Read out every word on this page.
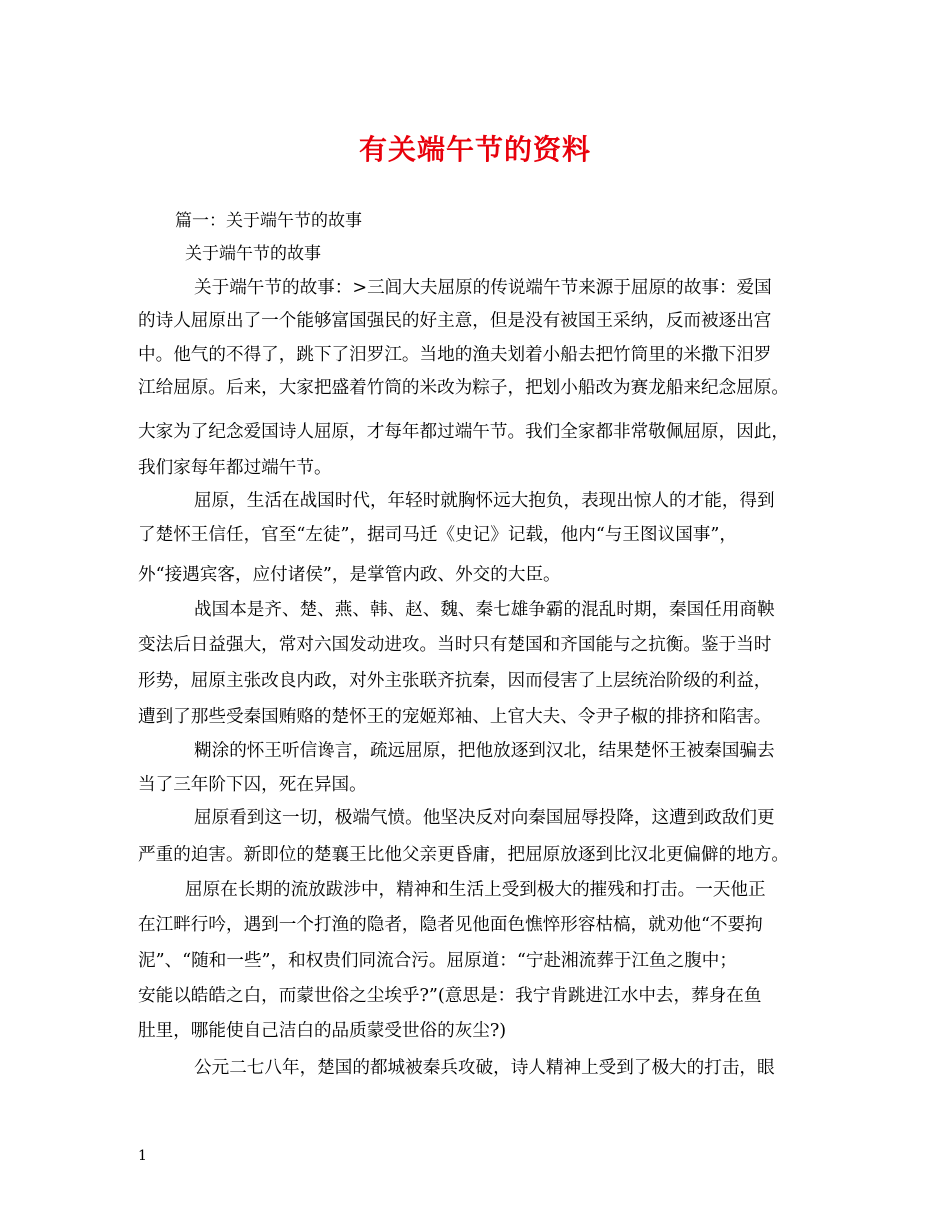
有关端午节的资料
篇一：关于端午节的故事
关于端午节的故事
关于端午节的故事：>三闾大夫屈原的传说端午节来源于屈原的故事：爱国
的诗人屈原出了一个能够富国强民的好主意，但是没有被国王采纳，反而被逐出宫
中。他气的不得了，跳下了汨罗江。当地的渔夫划着小船去把竹筒里的米撒下汨罗
江给屈原。后来，大家把盛着竹筒的米改为粽子，把划小船改为赛龙船来纪念屈原。
大家为了纪念爱国诗人屈原，才每年都过端午节。我们全家都非常敬佩屈原，因此，
我们家每年都过端午节。
屈原，生活在战国时代，年轻时就胸怀远大抱负，表现出惊人的才能，得到
了楚怀王信任，官至“左徒”，据司马迁《史记》记载，他内“与王图议国事”，
外“接遇宾客，应付诸侯”，是掌管内政、外交的大臣。
战国本是齐、楚、燕、韩、赵、魏、秦七雄争霸的混乱时期，秦国任用商鞅
变法后日益强大，常对六国发动进攻。当时只有楚国和齐国能与之抗衡。鉴于当时
形势，屈原主张改良内政，对外主张联齐抗秦，因而侵害了上层统治阶级的利益，
遭到了那些受秦国贿赂的楚怀王的宠姬郑袖、上官大夫、令尹子椒的排挤和陷害。
糊涂的怀王听信谗言，疏远屈原，把他放逐到汉北，结果楚怀王被秦国骗去
当了三年阶下囚，死在异国。
屈原看到这一切，极端气愤。他坚决反对向秦国屈辱投降，这遭到政敌们更
严重的迫害。新即位的楚襄王比他父亲更昏庸，把屈原放逐到比汉北更偏僻的地方。
屈原在长期的流放跋涉中，精神和生活上受到极大的摧残和打击。一天他正
在江畔行吟，遇到一个打渔的隐者，隐者见他面色憔悴形容枯槁，就劝他“不要拘
泥”、“随和一些”，和权贵们同流合污。屈原道：“宁赴湘流葬于江鱼之腹中；
安能以皓皓之白，而蒙世俗之尘埃乎?”(意思是：我宁肯跳进江水中去，葬身在鱼
肚里，哪能使自己洁白的品质蒙受世俗的灰尘?)
公元二七八年，楚国的都城被秦兵攻破，诗人精神上受到了极大的打击，眼
1
